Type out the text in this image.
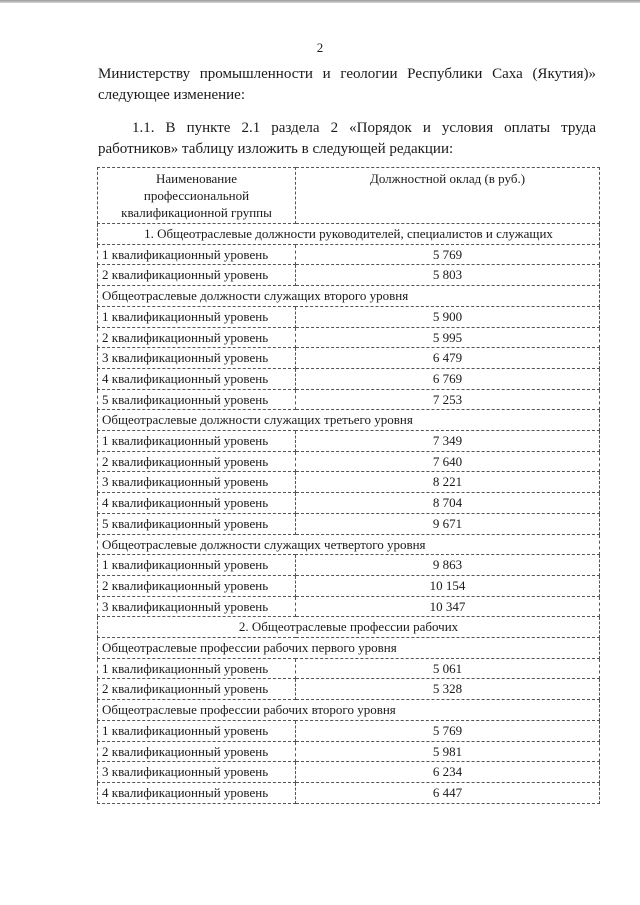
2
Министерству промышленности и геологии Республики Саха (Якутия)»
следующее изменение:
1.1. В пункте 2.1 раздела 2 «Порядок и условия оплаты труда
работников» таблицу изложить в следующей редакции:
Наименование профессиональной квалификационной группы	Должностной оклад (в руб.)
1. Общеотраслевые должности руководителей, специалистов и служащих	
1 квалификационный уровень	5 769
2 квалификационный уровень	5 803
Общеотраслевые должности служащих второго уровня	
1 квалификационный уровень	5 900
2 квалификационный уровень	5 995
3 квалификационный уровень	6 479
4 квалификационный уровень	6 769
5 квалификационный уровень	7 253
Общеотраслевые должности служащих третьего уровня	
1 квалификационный уровень	7 349
2 квалификационный уровень	7 640
3 квалификационный уровень	8 221
4 квалификационный уровень	8 704
5 квалификационный уровень	9 671
Общеотраслевые должности служащих четвертого уровня	
1 квалификационный уровень	9 863
2 квалификационный уровень	10 154
3 квалификационный уровень	10 347
2. Общеотраслевые профессии рабочих	
Общеотраслевые профессии рабочих первого уровня	
1 квалификационный уровень	5 061
2 квалификационный уровень	5 328
Общеотраслевые профессии рабочих второго уровня	
1 квалификационный уровень	5 769
2 квалификационный уровень	5 981
3 квалификационный уровень	6 234
4 квалификационный уровень	6 447
